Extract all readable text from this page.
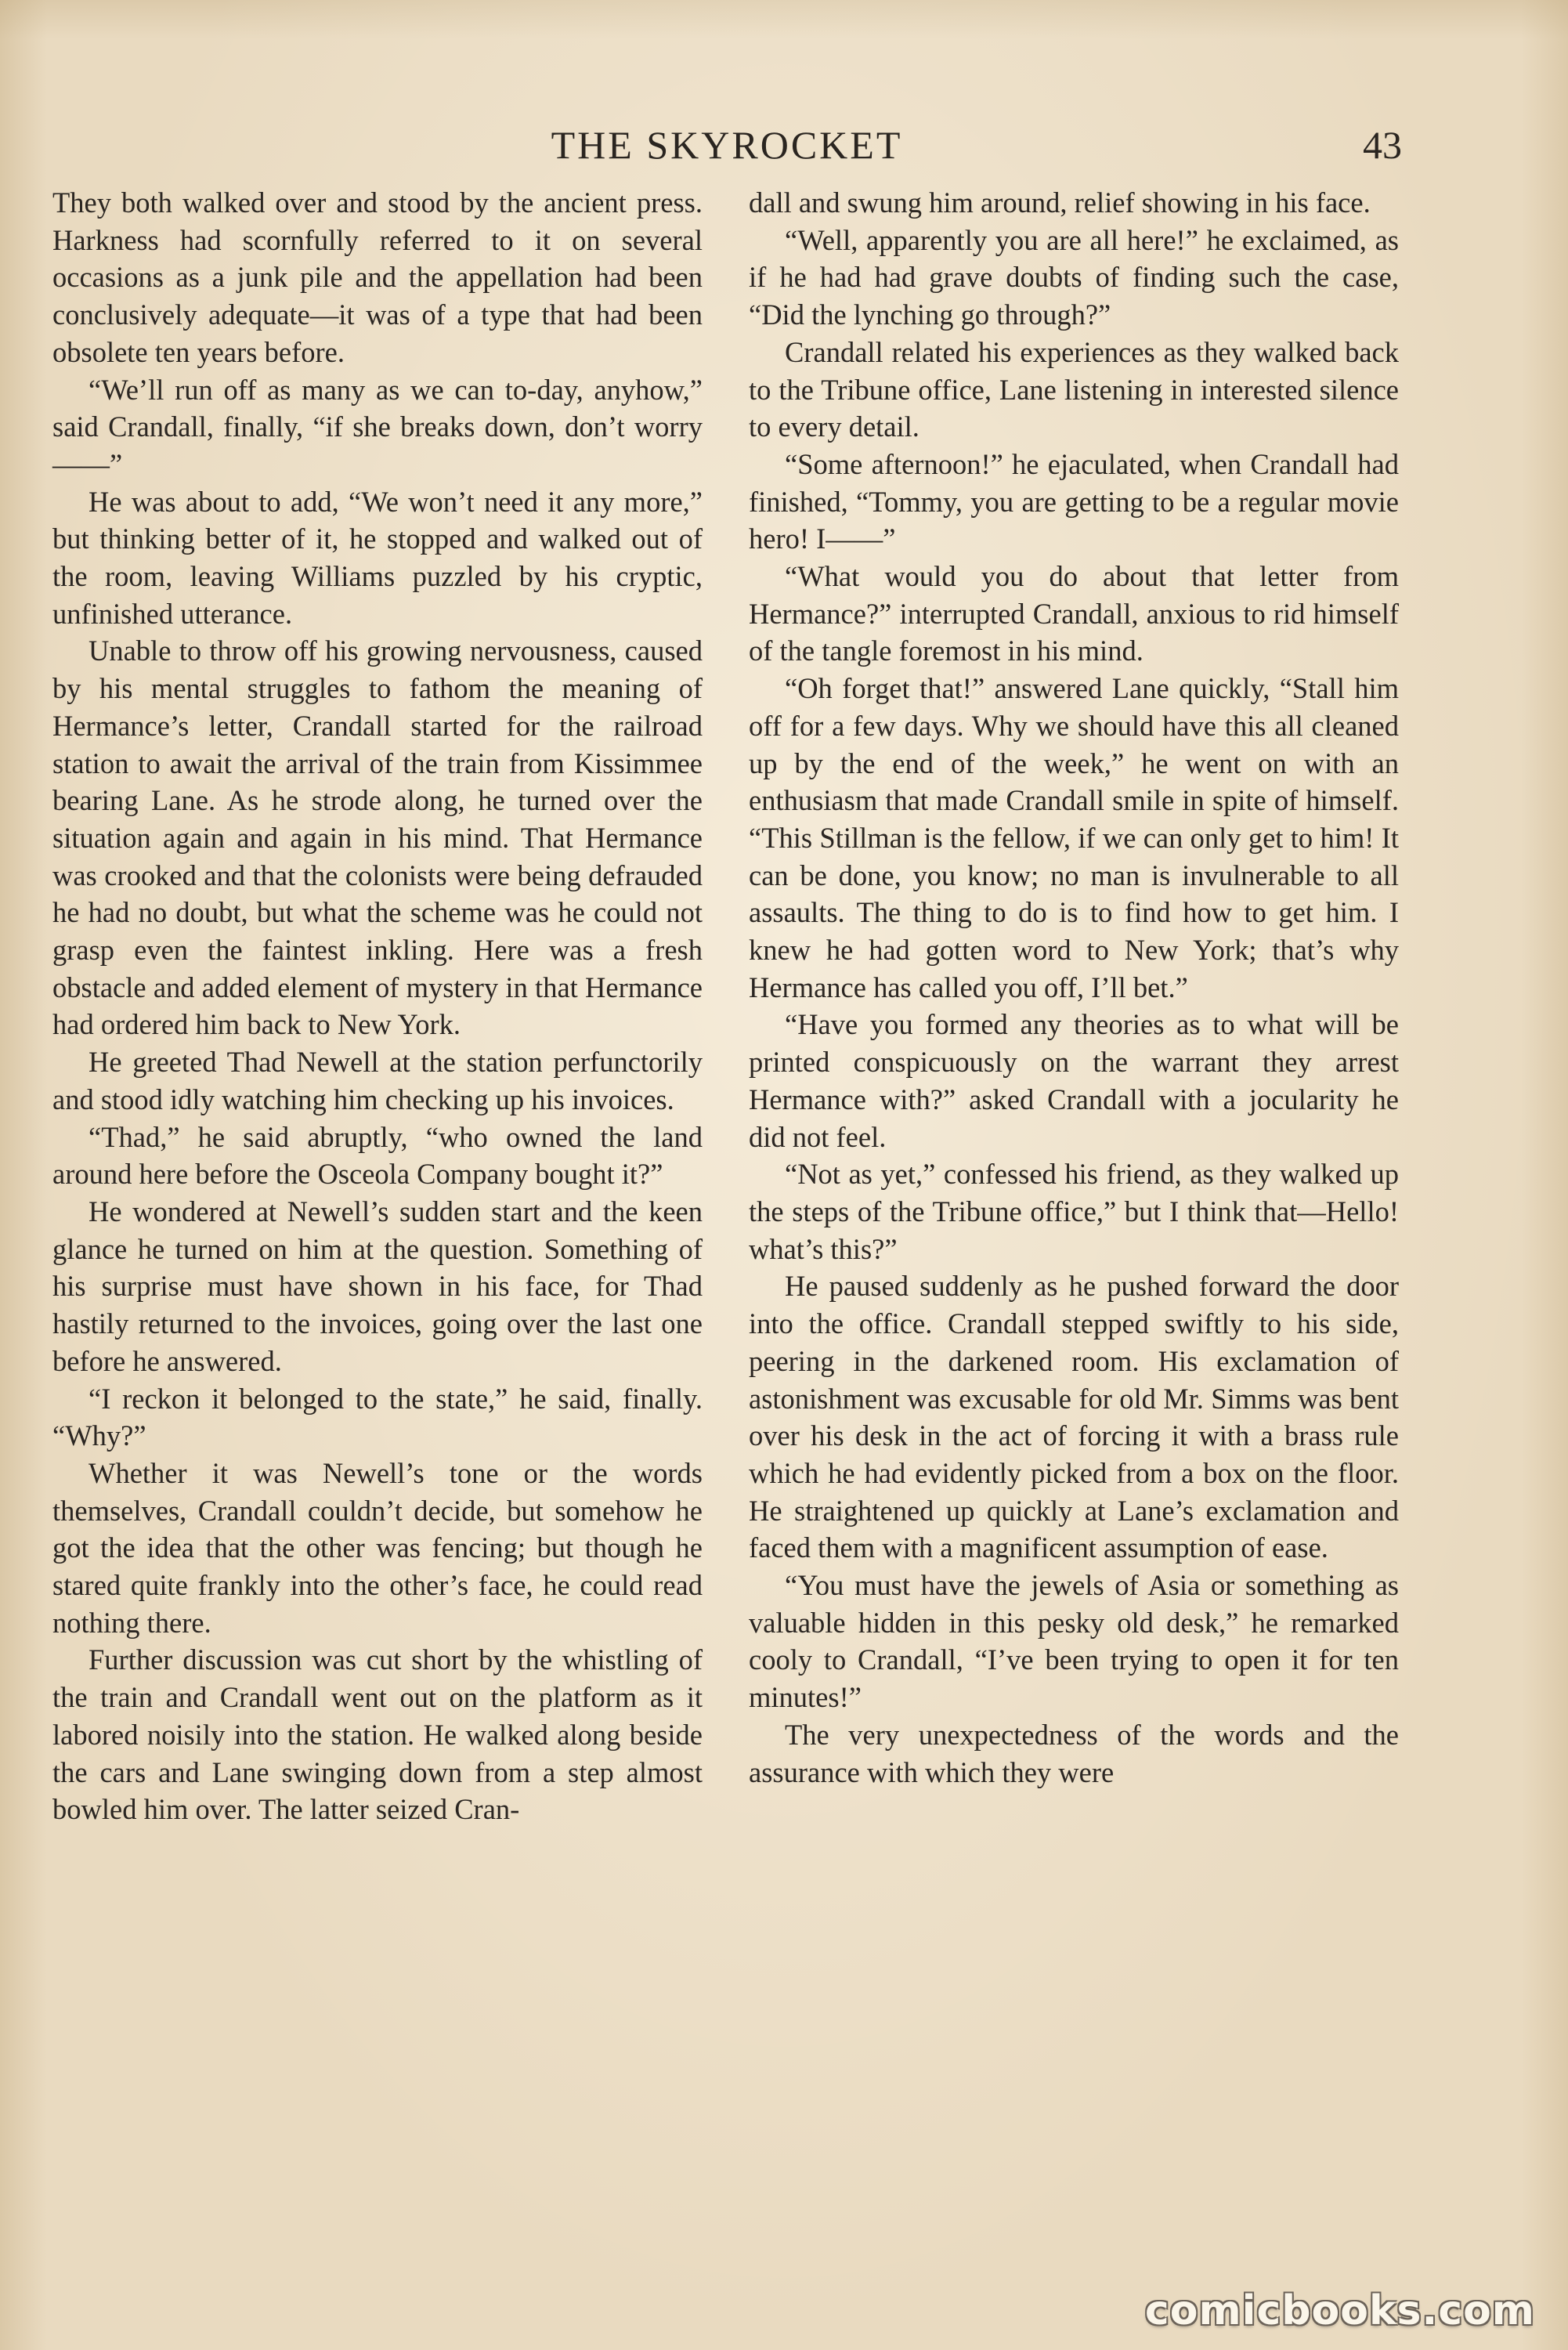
THE SKYROCKET	43

They both walked over and stood by the ancient press. Harkness had scornfully referred to it on several occasions as a junk pile and the appellation had been conclusively adequate—it was of a type that had been obsolete ten years before.

“We’ll run off as many as we can to-day, anyhow,” said Crandall, finally, “if she breaks down, don’t worry——”

He was about to add, “We won’t need it any more,” but thinking better of it, he stopped and walked out of the room, leaving Williams puzzled by his cryptic, unfinished utterance.

Unable to throw off his growing nervousness, caused by his mental struggles to fathom the meaning of Hermance’s letter, Crandall started for the railroad station to await the arrival of the train from Kissimmee bearing Lane. As he strode along, he turned over the situation again and again in his mind. That Hermance was crooked and that the colonists were being defrauded he had no doubt, but what the scheme was he could not grasp even the faintest inkling. Here was a fresh obstacle and added element of mystery in that Hermance had ordered him back to New York.

He greeted Thad Newell at the station perfunctorily and stood idly watching him checking up his invoices.

“Thad,” he said abruptly, “who owned the land around here before the Osceola Company bought it?”

He wondered at Newell’s sudden start and the keen glance he turned on him at the question. Something of his surprise must have shown in his face, for Thad hastily returned to the invoices, going over the last one before he answered.

“I reckon it belonged to the state,” he said, finally. “Why?”

Whether it was Newell’s tone or the words themselves, Crandall couldn’t decide, but somehow he got the idea that the other was fencing; but though he stared quite frankly into the other’s face, he could read nothing there.

Further discussion was cut short by the whistling of the train and Crandall went out on the platform as it labored noisily into the station. He walked along beside the cars and Lane swinging down from a step almost bowled him over. The latter seized Cran-

dall and swung him around, relief showing in his face.

“Well, apparently you are all here!” he exclaimed, as if he had had grave doubts of finding such the case, “Did the lynching go through?”

Crandall related his experiences as they walked back to the Tribune office, Lane listening in interested silence to every detail.

“Some afternoon!” he ejaculated, when Crandall had finished, “Tommy, you are getting to be a regular movie hero! I——”

“What would you do about that letter from Hermance?” interrupted Crandall, anxious to rid himself of the tangle foremost in his mind.

“Oh forget that!” answered Lane quickly, “Stall him off for a few days. Why we should have this all cleaned up by the end of the week,” he went on with an enthusiasm that made Crandall smile in spite of himself. “This Stillman is the fellow, if we can only get to him! It can be done, you know; no man is invulnerable to all assaults. The thing to do is to find how to get him. I knew he had gotten word to New York; that’s why Hermance has called you off, I’ll bet.”

“Have you formed any theories as to what will be printed conspicuously on the warrant they arrest Hermance with?” asked Crandall with a jocularity he did not feel.

“Not as yet,” confessed his friend, as they walked up the steps of the Tribune office,” but I think that—Hello! what’s this?”

He paused suddenly as he pushed forward the door into the office. Crandall stepped swiftly to his side, peering in the darkened room. His exclamation of astonishment was excusable for old Mr. Simms was bent over his desk in the act of forcing it with a brass rule which he had evidently picked from a box on the floor. He straightened up quickly at Lane’s exclamation and faced them with a magnificent assumption of ease.

“You must have the jewels of Asia or something as valuable hidden in this pesky old desk,” he remarked cooly to Crandall, “I’ve been trying to open it for ten minutes!”

The very unexpectedness of the words and the assurance with which they were

comicbooks.com
